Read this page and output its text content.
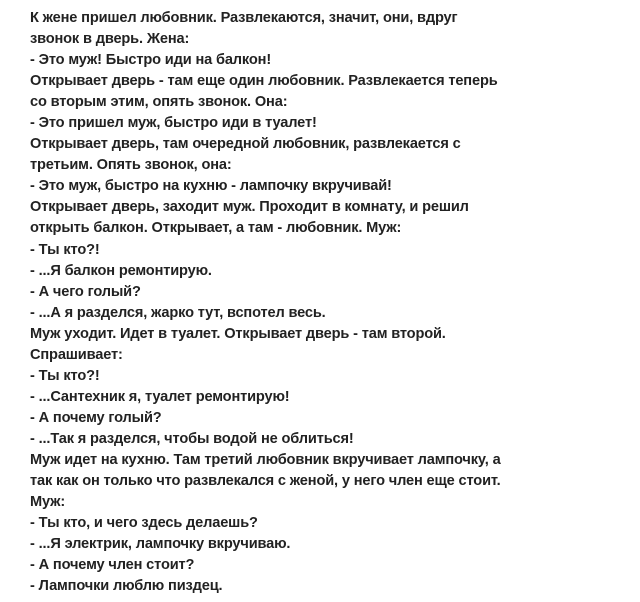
К жене пришел любовник. Развлекаются, значит, они, вдруг
звонок в дверь. Жена:
- Это муж! Быстро иди на балкон!
Открывает дверь - там еще один любовник. Развлекается теперь
со вторым этим, опять звонок. Она:
- Это пришел муж, быстро иди в туалет!
Открывает дверь, там очередной любовник, развлекается с
третьим. Опять звонок, она:
- Это муж, быстро на кухню - лампочку вкручивай!
Открывает дверь, заходит муж. Проходит в комнату, и решил
открыть балкон. Открывает, а там - любовник. Муж:
- Ты кто?!
- ...Я балкон ремонтирую.
- А чего голый?
- ...А я разделся, жарко тут, вспотел весь.
Муж уходит. Идет в туалет. Открывает дверь - там второй.
Спрашивает:
- Ты кто?!
- ...Сантехник я, туалет ремонтирую!
- А почему голый?
- ...Так я разделся, чтобы водой не облиться!
Муж идет на кухню. Там третий любовник вкручивает лампочку, а
так как он только что развлекался с женой, у него член еще стоит.
Муж:
- Ты кто, и чего здесь делаешь?
- ...Я электрик, лампочку вкручиваю.
- А почему член стоит?
- Лампочки люблю пиздец.
